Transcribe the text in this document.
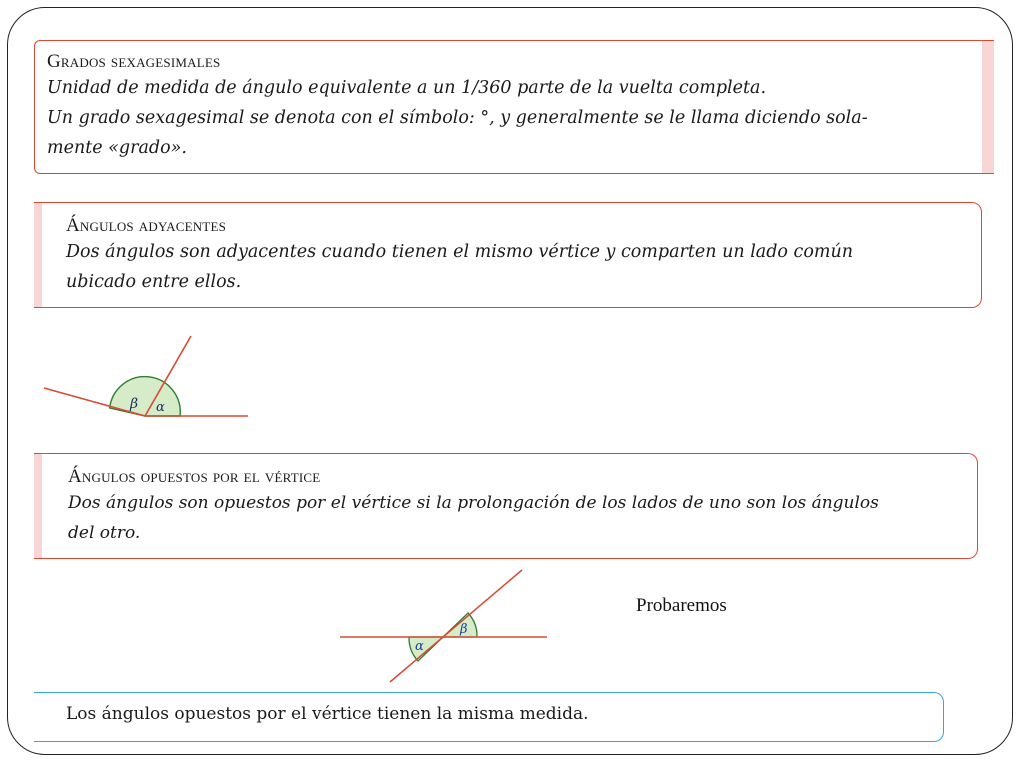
Grados sexagesimales
Unidad de medida de ángulo equivalente a un 1/360 parte de la vuelta completa.
Un grado sexagesimal se denota con el símbolo: °, y generalmente se le llama diciendo sola-
mente «grado».
Ángulos adyacentes
Dos ángulos son adyacentes cuando tienen el mismo vértice y comparten un lado común
ubicado entre ellos.
β α
Ángulos opuestos por el vértice
Dos ángulos son opuestos por el vértice si la prolongación de los lados de uno son los ángulos
del otro.
β
α
Probaremos
Los ángulos opuestos por el vértice tienen la misma medida.
